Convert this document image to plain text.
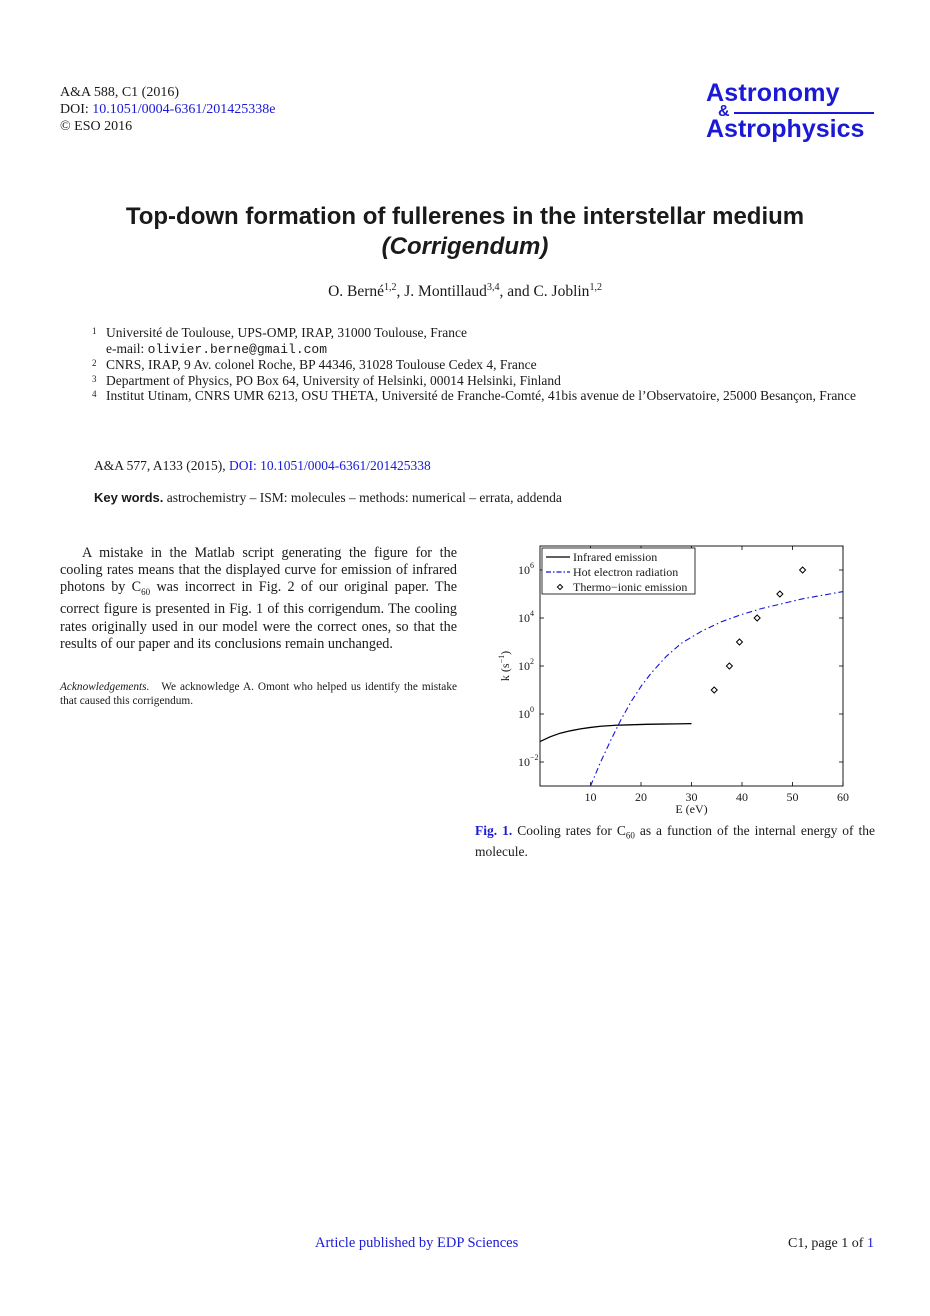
A&A 588, C1 (2016)
DOI: 10.1051/0004-6361/201425338e
© ESO 2016
Astronomy
&
Astrophysics
Top-down formation of fullerenes in the interstellar medium
(Corrigendum)
O. Berné$^{1,2}$, J. Montillaud$^{3,4}$, and C. Joblin$^{1,2}$
1 Université de Toulouse, UPS-OMP, IRAP, 31000 Toulouse, France
e-mail: olivier.berne@gmail.com
2 CNRS, IRAP, 9 Av. colonel Roche, BP 44346, 31028 Toulouse Cedex 4, France
3 Department of Physics, PO Box 64, University of Helsinki, 00014 Helsinki, Finland
4 Institut Utinam, CNRS UMR 6213, OSU THETA, Université de Franche-Comté, 41bis avenue de l’Observatoire, 25000 Besançon, France
A&A 577, A133 (2015), DOI: 10.1051/0004-6361/201425338
Key words. astrochemistry – ISM: molecules – methods: numerical – errata, addenda
A mistake in the Matlab script generating the figure for the cooling rates means that the displayed curve for emission of infrared photons by $C_{60}$ was incorrect in Fig. 2 of our original paper. The correct figure is presented in Fig. 1 of this corrigendum. The cooling rates originally used in our model were the correct ones, so that the results of our paper and its conclusions remain unchanged.
Acknowledgements. We acknowledge A. Omont who helped us identify the mistake that caused this corrigendum.
10	20	30	40	50	60
$10^6$
$10^4$
$10^2$
$10^0$
$10^{-2}$
E (eV)
k $(s^{-1})$
Infrared emission
Hot electron radiation
Thermo−ionic emission
Fig. 1. Cooling rates for $C_{60}$ as a function of the internal energy of the molecule.
Article published by EDP Sciences	C1, page 1 of 1
